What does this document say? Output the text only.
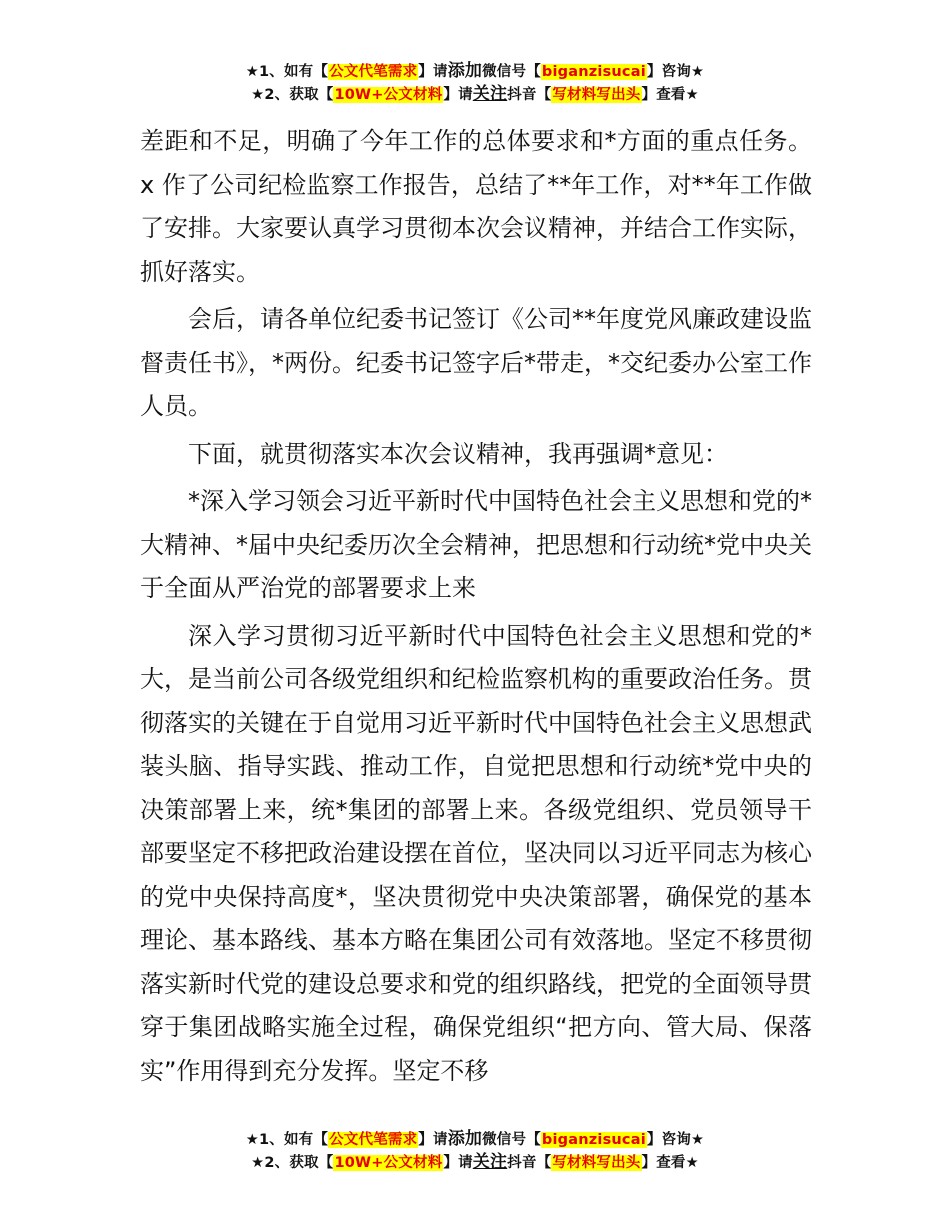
★1、如有【公文代笔需求】请添加微信号【biganzisucai】咨询★
★2、获取【10W+公文材料】请关注抖音【写材料写出头】查看★

差距和不足，明确了今年工作的总体要求和*方面的重点任务。x 作了公司纪检监察工作报告，总结了**年工作，对**年工作做了安排。大家要认真学习贯彻本次会议精神，并结合工作实际，抓好落实。

会后，请各单位纪委书记签订《公司**年度党风廉政建设监督责任书》，*两份。纪委书记签字后*带走，*交纪委办公室工作人员。

下面，就贯彻落实本次会议精神，我再强调*意见：

*深入学习领会习近平新时代中国特色社会主义思想和党的*大精神、*届中央纪委历次全会精神，把思想和行动统*党中央关于全面从严治党的部署要求上来

深入学习贯彻习近平新时代中国特色社会主义思想和党的*大，是当前公司各级党组织和纪检监察机构的重要政治任务。贯彻落实的关键在于自觉用习近平新时代中国特色社会主义思想武装头脑、指导实践、推动工作，自觉把思想和行动统*党中央的决策部署上来，统*集团的部署上来。各级党组织、党员领导干部要坚定不移把政治建设摆在首位，坚决同以习近平同志为核心的党中央保持高度*，坚决贯彻党中央决策部署，确保党的基本理论、基本路线、基本方略在集团公司有效落地。坚定不移贯彻落实新时代党的建设总要求和党的组织路线，把党的全面领导贯穿于集团战略实施全过程，确保党组织“把方向、管大局、保落实”作用得到充分发挥。坚定不移

★1、如有【公文代笔需求】请添加微信号【biganzisucai】咨询★
★2、获取【10W+公文材料】请关注抖音【写材料写出头】查看★
